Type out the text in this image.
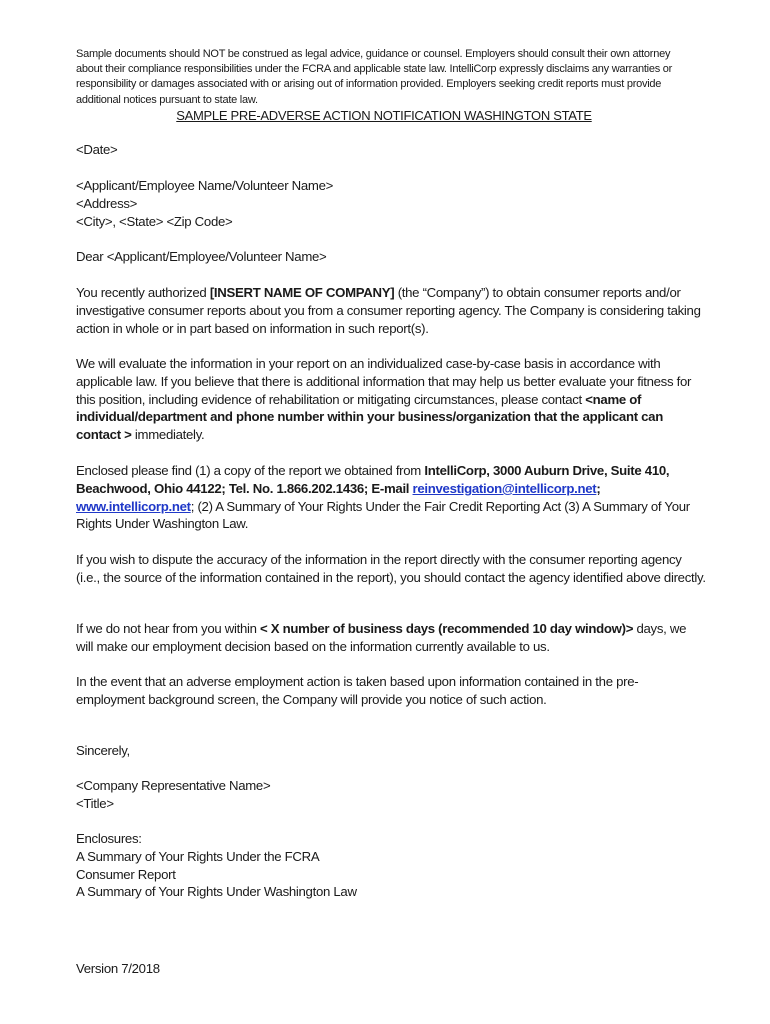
Sample documents should NOT be construed as legal advice, guidance or counsel. Employers should consult their own attorney about their compliance responsibilities under the FCRA and applicable state law. IntelliCorp expressly disclaims any warranties or responsibility or damages associated with or arising out of information provided. Employers seeking credit reports must provide additional notices pursuant to state law.
SAMPLE PRE-ADVERSE ACTION NOTIFICATION WASHINGTON STATE
<Date>
<Applicant/Employee Name/Volunteer Name>
<Address>
<City>, <State> <Zip Code>
Dear <Applicant/Employee/Volunteer Name>
You recently authorized [INSERT NAME OF COMPANY] (the “Company”) to obtain consumer reports and/or investigative consumer reports about you from a consumer reporting agency. The Company is considering taking action in whole or in part based on information in such report(s).
We will evaluate the information in your report on an individualized case-by-case basis in accordance with applicable law. If you believe that there is additional information that may help us better evaluate your fitness for this position, including evidence of rehabilitation or mitigating circumstances, please contact <name of individual/department and phone number within your business/organization that the applicant can contact > immediately.
Enclosed please find (1) a copy of the report we obtained from IntelliCorp, 3000 Auburn Drive, Suite 410, Beachwood, Ohio 44122; Tel. No. 1.866.202.1436; E-mail reinvestigation@intellicorp.net; www.intellicorp.net; (2) A Summary of Your Rights Under the Fair Credit Reporting Act (3) A Summary of Your Rights Under Washington Law.
If you wish to dispute the accuracy of the information in the report directly with the consumer reporting agency (i.e., the source of the information contained in the report), you should contact the agency identified above directly.
If we do not hear from you within < X number of business days (recommended 10 day window)> days, we will make our employment decision based on the information currently available to us.
In the event that an adverse employment action is taken based upon information contained in the pre-employment background screen, the Company will provide you notice of such action.
Sincerely,
<Company Representative Name>
<Title>
Enclosures:
A Summary of Your Rights Under the FCRA
Consumer Report
A Summary of Your Rights Under Washington Law
Version 7/2018
